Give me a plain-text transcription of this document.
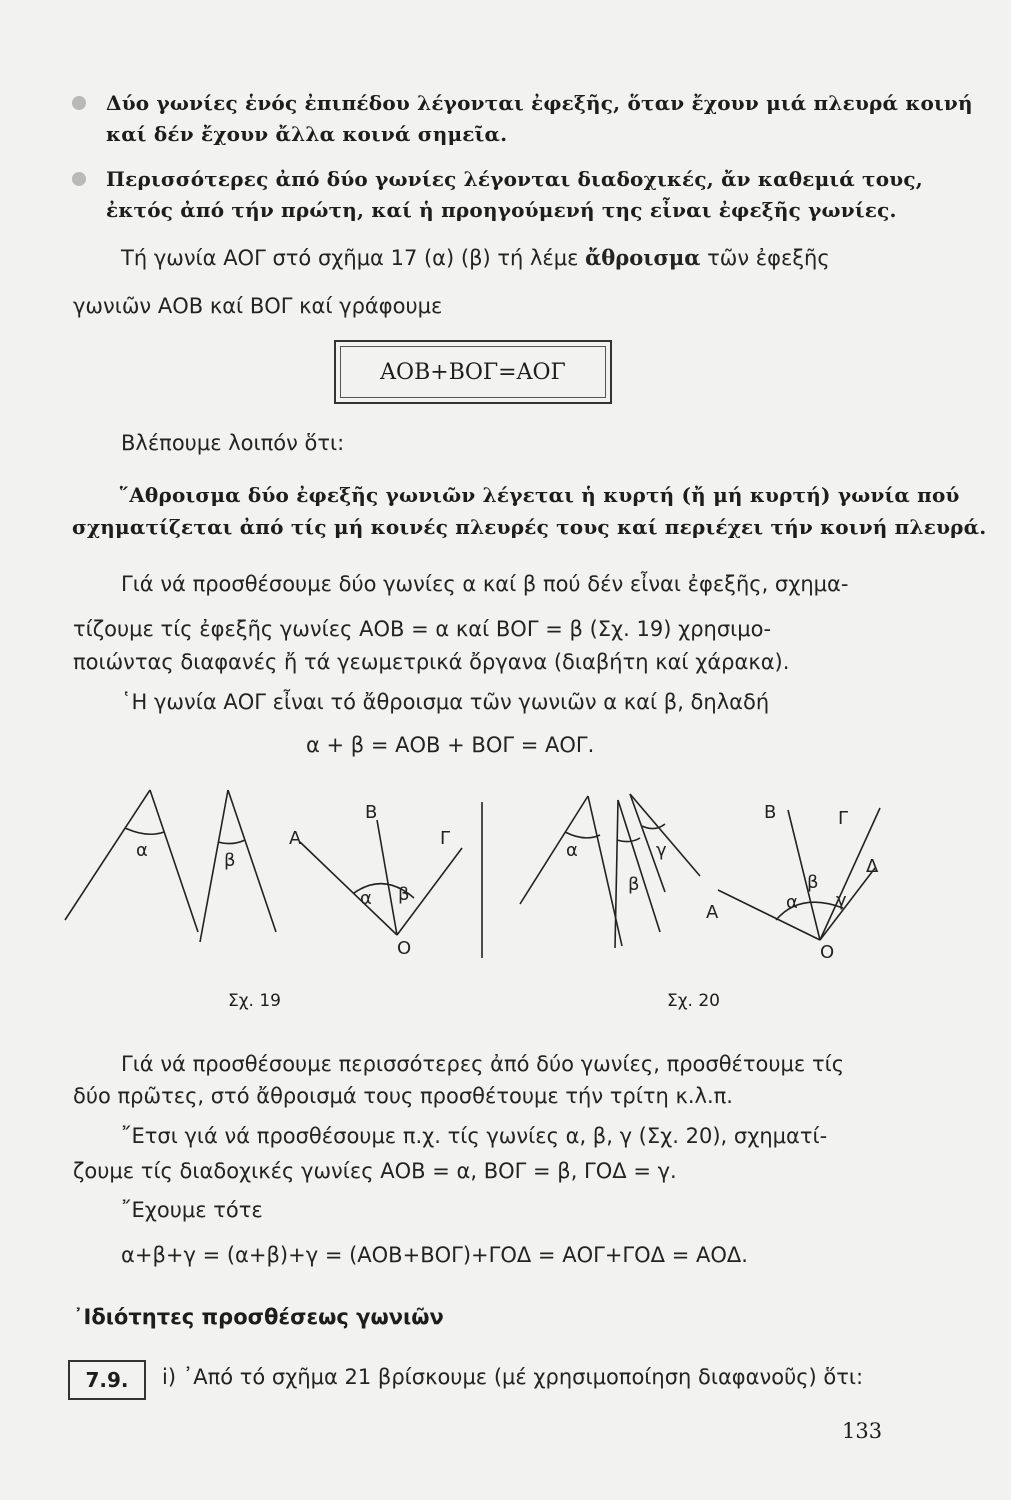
Δύο γωνίες ἑνός ἐπιπέδου λέγονται ἐφεξῆς, ὅταν ἔχουν μιά πλευρά κοινή
καί δέν ἔχουν ἄλλα κοινά σημεῖα.
Περισσότερες ἀπό δύο γωνίες λέγονται διαδοχικές, ἄν καθεμιά τους,
ἐκτός ἀπό τήν πρώτη, καί ἡ προηγούμενή της εἶναι ἐφεξῆς γωνίες.
Τή γωνία ΑΟΓ στό σχῆμα 17 (α) (β) τή λέμε ἄθροισμα τῶν ἐφεξῆς
γωνιῶν ΑΟΒ καί ΒΟΓ καί γράφουμε
ΑΟΒ + ΒΟΓ = ΑΟΓ
Βλέπουμε λοιπόν ὅτι:
῞Αθροισμα δύο ἐφεξῆς γωνιῶν λέγεται ἡ κυρτή (ἤ μή κυρτή) γωνία πού
σχηματίζεται ἀπό τίς μή κοινές πλευρές τους καί περιέχει τήν κοινή πλευρά.
Γιά νά προσθέσουμε δύο γωνίες α καί β πού δέν εἶναι ἐφεξῆς, σχημα-
τίζουμε τίς ἐφεξῆς γωνίες ΑΟΒ = α καί ΒΟΓ = β (Σχ. 19) χρησιμο-
ποιώντας διαφανές ἤ τά γεωμετρικά ὄργανα (διαβήτη καί χάρακα).
῾Η γωνία ΑΟΓ εἶναι τό ἄθροισμα τῶν γωνιῶν α καί β, δηλαδή
α + β = ΑΟΒ + ΒΟΓ = ΑΟΓ.
α	β
Α
Β
Γ
α β
Ο
α	γ
β
Α
Β	Γ
Δ
α
β
γ
Ο
Σχ. 19	Σχ. 20
Γιά νά προσθέσουμε περισσότερες ἀπό δύο γωνίες, προσθέτουμε τίς
δύο πρῶτες, στό ἄθροισμά τους προσθέτουμε τήν τρίτη κ.λ.π.
῎Ετσι γιά νά προσθέσουμε π.χ. τίς γωνίες α, β, γ (Σχ. 20), σχηματί-
ζουμε τίς διαδοχικές γωνίες ΑΟΒ = α, ΒΟΓ = β, ΓΟΔ = γ.
῎Εχουμε τότε
α+β+γ = (α+β)+γ = (ΑΟΒ+ΒΟΓ)+ΓΟΔ = ΑΟΓ+ΓΟΔ = ΑΟΔ.
᾿Ιδιότητες προσθέσεως γωνιῶν
7.9. i) ᾿Από τό σχῆμα 21 βρίσκουμε (μέ χρησιμοποίηση διαφανοῦς) ὅτι:
133
